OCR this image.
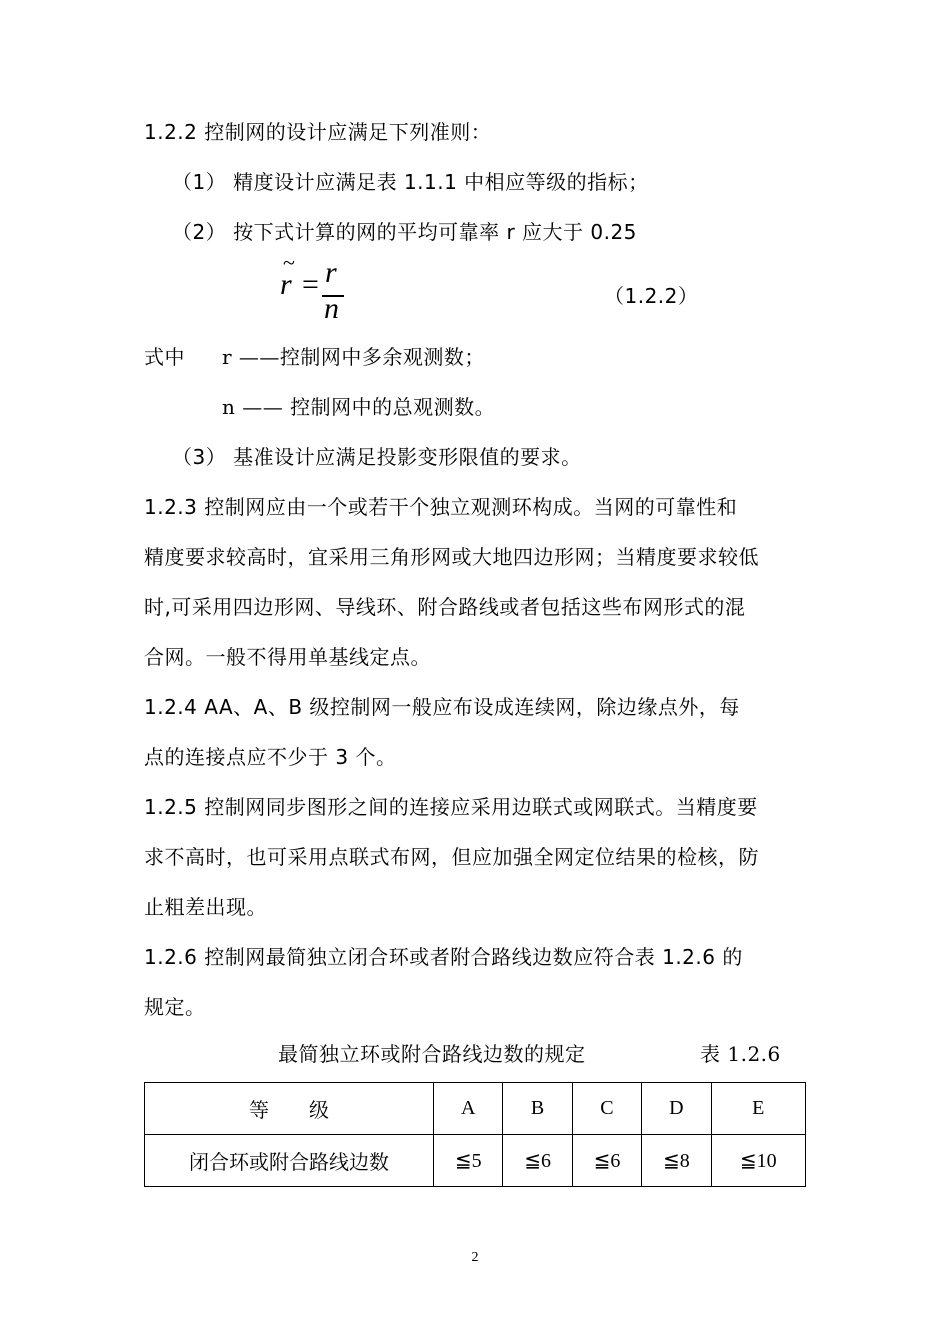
1.2.2 控制网的设计应满足下列准则：
（1） 精度设计应满足表 1.1.1 中相应等级的指标；
（2） 按下式计算的网的平均可靠率 r 应大于 0.25
~
r = r
n	（1.2.2）
式中 r ——控制网中多余观测数；
n —— 控制网中的总观测数。
（3） 基准设计应满足投影变形限值的要求。
1.2.3 控制网应由一个或若干个独立观测环构成。当网的可靠性和
精度要求较高时，宜采用三角形网或大地四边形网；当精度要求较低
时,可采用四边形网、导线环、附合路线或者包括这些布网形式的混
合网。一般不得用单基线定点。
1.2.4 AA、A、B 级控制网一般应布设成连续网，除边缘点外，每
点的连接点应不少于 3 个。
1.2.5 控制网同步图形之间的连接应采用边联式或网联式。当精度要
求不高时，也可采用点联式布网，但应加强全网定位结果的检核，防
止粗差出现。
1.2.6 控制网最简独立闭合环或者附合路线边数应符合表 1.2.6 的
规定。
最简独立环或附合路线边数的规定	表 1.2.6
等　　级	A	B	C	D	E
闭合环或附合路线边数	≦5	≦6	≦6	≦8	≦10
2
